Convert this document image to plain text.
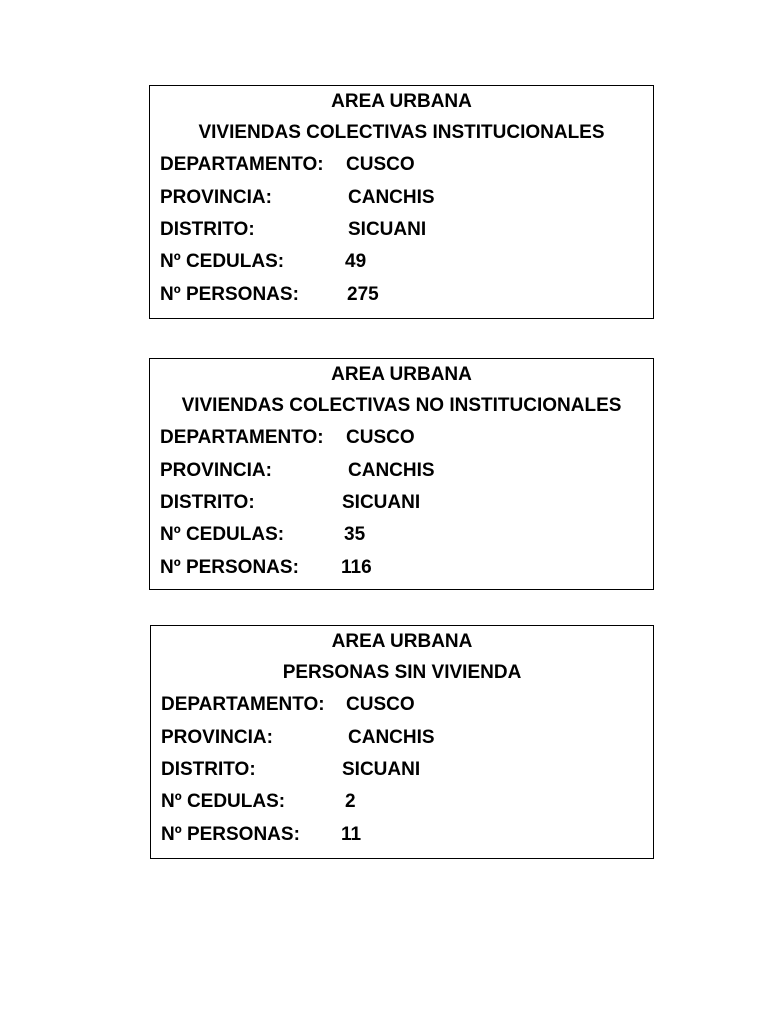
AREA URBANA
VIVIENDAS COLECTIVAS INSTITUCIONALES
DEPARTAMENTO: CUSCO
PROVINCIA:	CANCHIS
DISTRITO:	SICUANI
Nº CEDULAS:	49
Nº PERSONAS:	275
AREA URBANA
VIVIENDAS COLECTIVAS NO INSTITUCIONALES
DEPARTAMENTO: CUSCO
PROVINCIA:	CANCHIS
DISTRITO:	SICUANI
Nº CEDULAS:	35
Nº PERSONAS: 116
AREA URBANA
PERSONAS SIN VIVIENDA
DEPARTAMENTO: CUSCO
PROVINCIA:	CANCHIS
DISTRITO:	SICUANI
Nº CEDULAS:	2
Nº PERSONAS: 11
